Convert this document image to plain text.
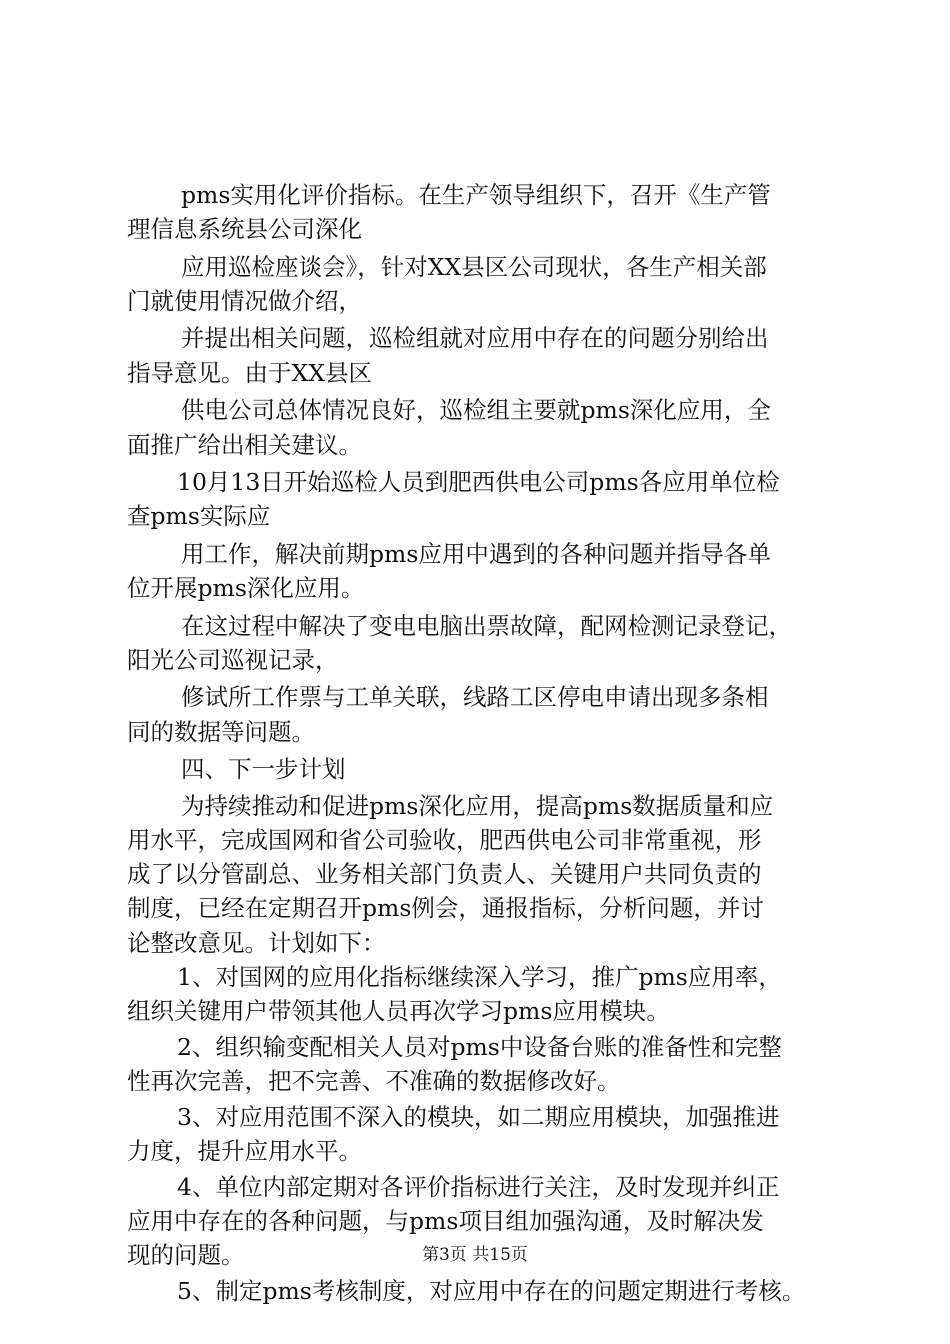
pms实用化评价指标。在生产领导组织下，召开《生产管
理信息系统县公司深化
应用巡检座谈会》，针对XX县区公司现状，各生产相关部
门就使用情况做介绍，
并提出相关问题，巡检组就对应用中存在的问题分别给出
指导意见。由于XX县区
供电公司总体情况良好，巡检组主要就pms深化应用，全
面推广给出相关建议。
10月13日开始巡检人员到肥西供电公司pms各应用单位检
查pms实际应
用工作，解决前期pms应用中遇到的各种问题并指导各单
位开展pms深化应用。
在这过程中解决了变电电脑出票故障，配网检测记录登记，
阳光公司巡视记录，
修试所工作票与工单关联，线路工区停电申请出现多条相
同的数据等问题。
四、下一步计划
为持续推动和促进pms深化应用，提高pms数据质量和应
用水平，完成国网和省公司验收，肥西供电公司非常重视，形
成了以分管副总、业务相关部门负责人、关键用户共同负责的
制度，已经在定期召开pms例会，通报指标，分析问题，并讨
论整改意见。计划如下：
1、对国网的应用化指标继续深入学习，推广pms应用率，
组织关键用户带领其他人员再次学习pms应用模块。
2、组织输变配相关人员对pms中设备台账的准备性和完整
性再次完善，把不完善、不准确的数据修改好。
3、对应用范围不深入的模块，如二期应用模块，加强推进
力度，提升应用水平。
4、单位内部定期对各评价指标进行关注，及时发现并纠正
应用中存在的各种问题，与pms项目组加强沟通，及时解决发
现的问题。
5、制定pms考核制度，对应用中存在的问题定期进行考核。
第3页 共15页
